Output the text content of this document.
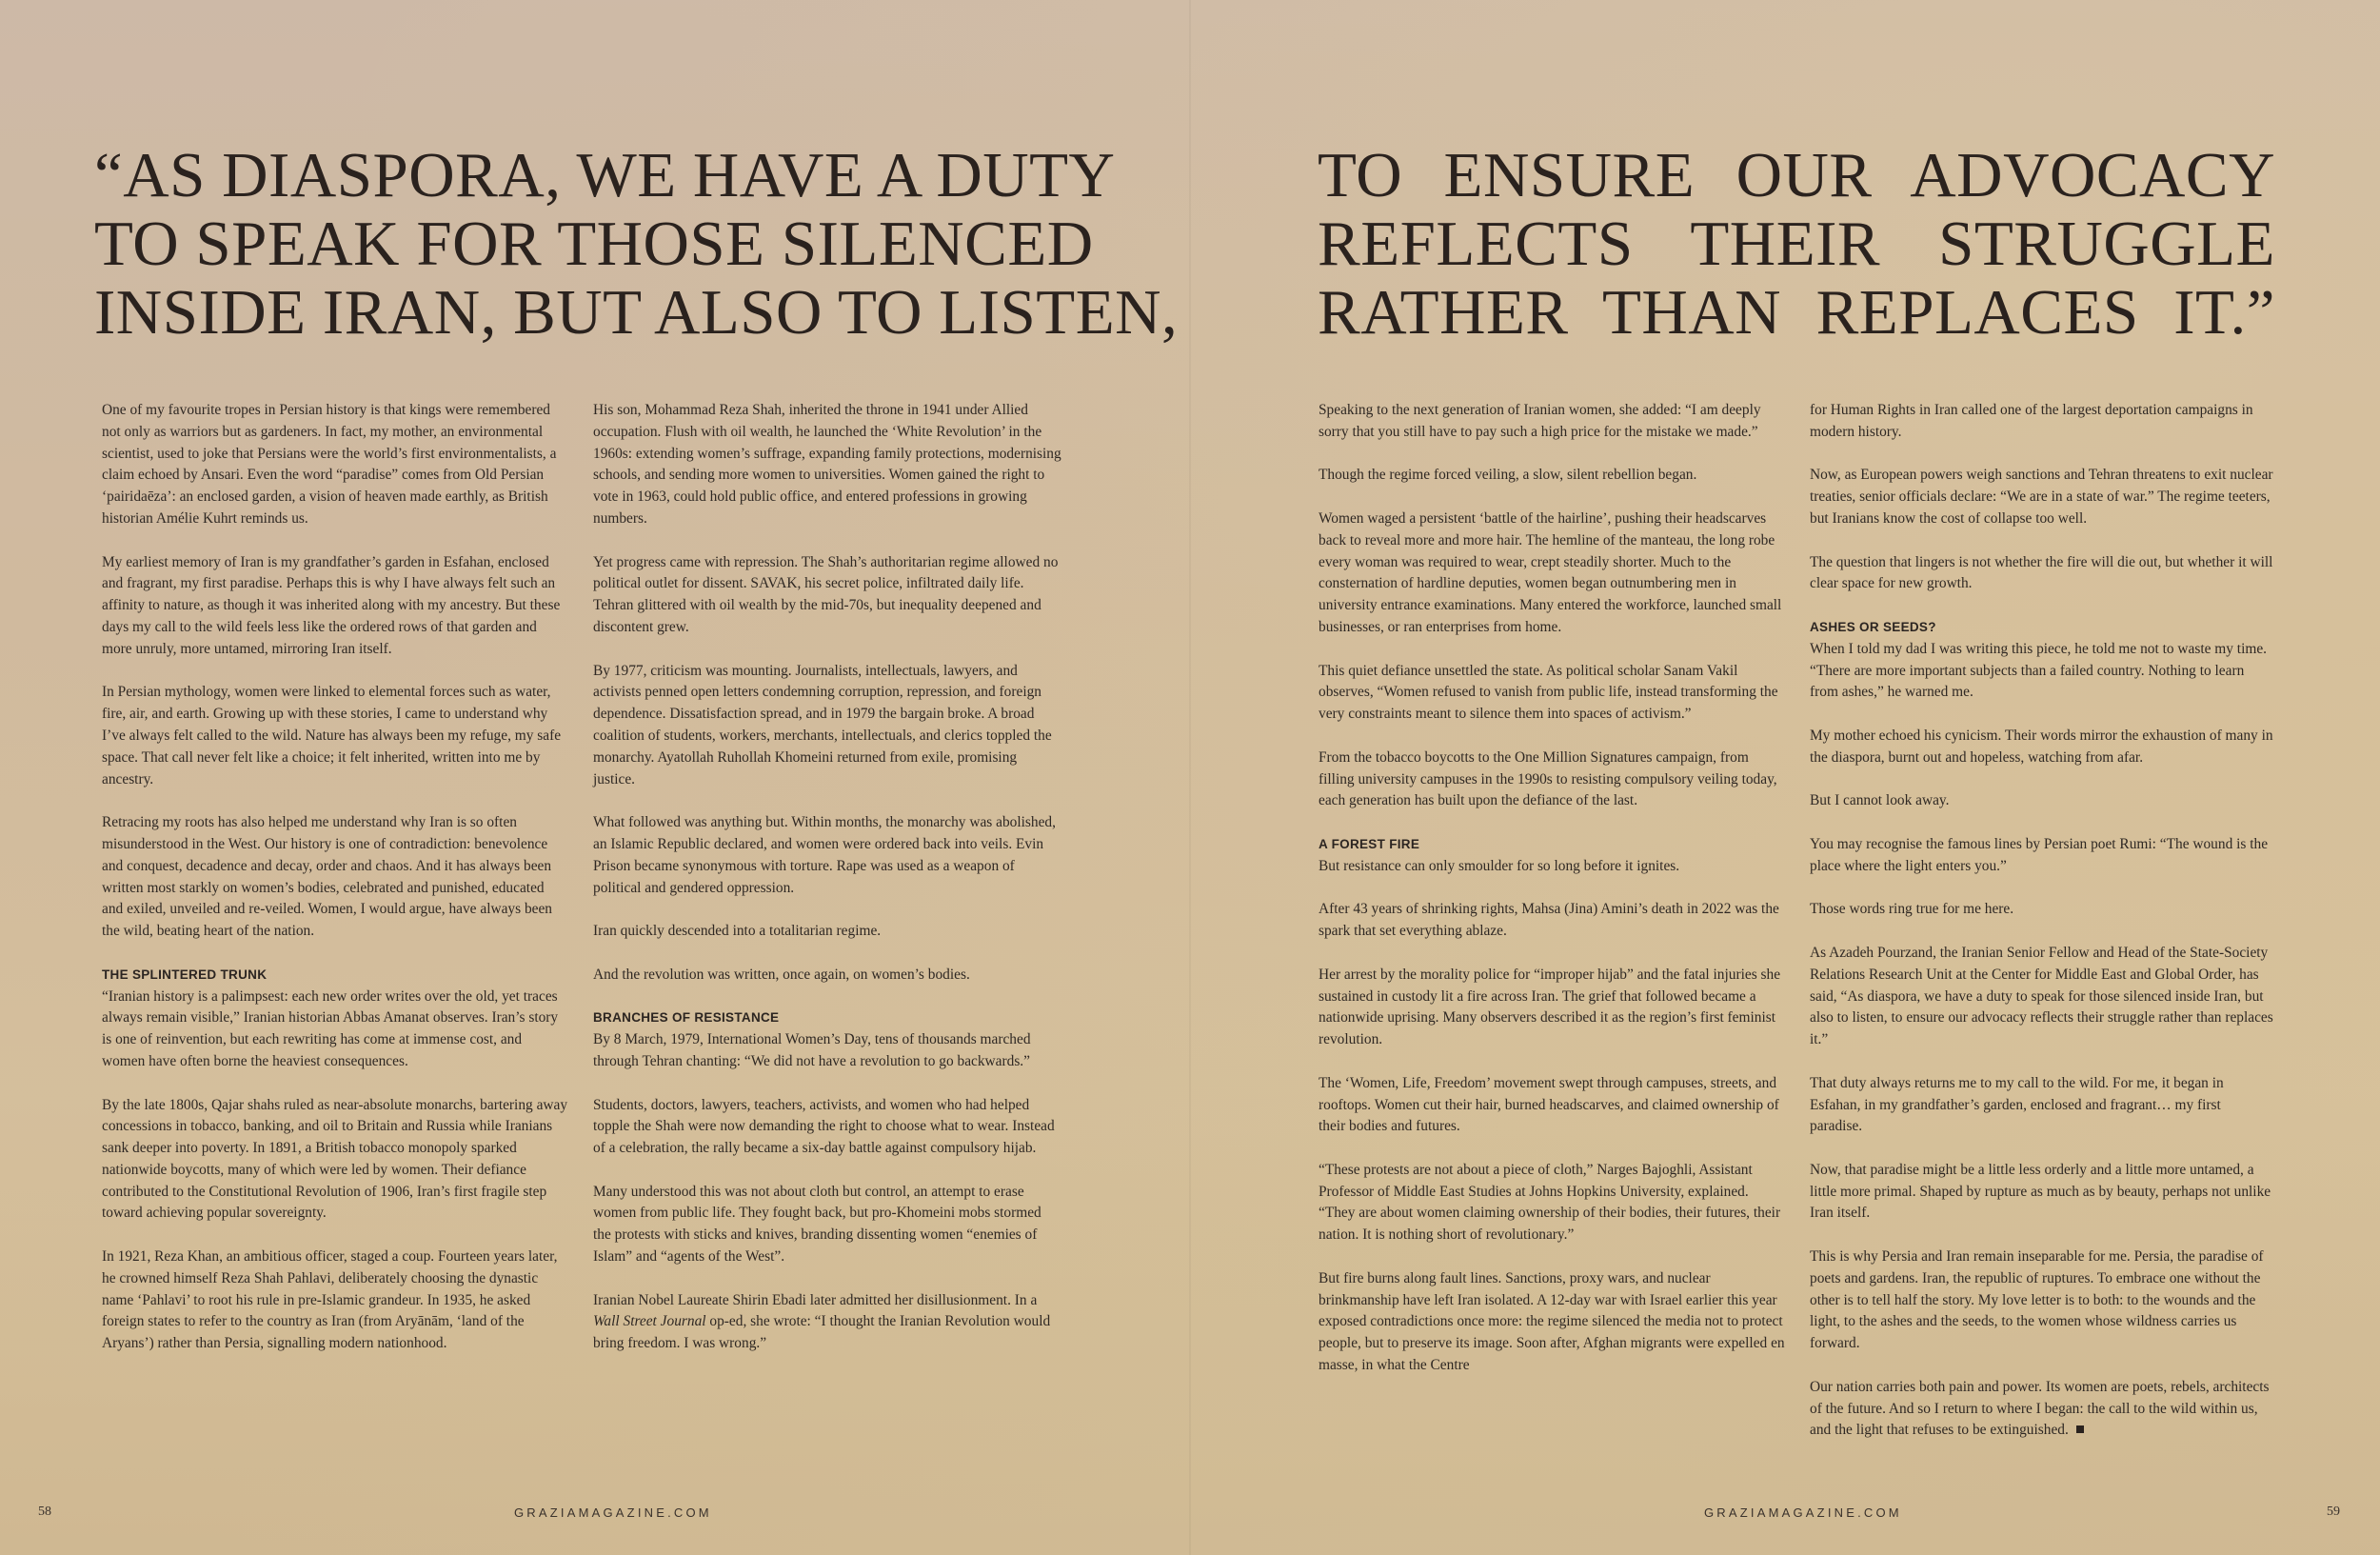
“AS DIASPORA, WE HAVE A DUTY
TO SPEAK FOR THOSE SILENCED
INSIDE IRAN, BUT ALSO TO LISTEN,
TO ENSURE OUR ADVOCACY
REFLECTS THEIR STRUGGLE
RATHER THAN REPLACES IT.”

One of my favourite tropes in Persian history is that kings were remembered not only as warriors but as gardeners. In fact, my mother, an environmental scientist, used to joke that Persians were the world’s first environmentalists, a claim echoed by Ansari. Even the word “paradise” comes from Old Persian ‘pairidaēza’: an enclosed garden, a vision of heaven made earthly, as British historian Amélie Kuhrt reminds us.

My earliest memory of Iran is my grandfather’s garden in Esfahan, enclosed and fragrant, my first paradise. Perhaps this is why I have always felt such an affinity to nature, as though it was inherited along with my ancestry. But these days my call to the wild feels less like the ordered rows of that garden and more unruly, more untamed, mirroring Iran itself.

In Persian mythology, women were linked to elemental forces such as water, fire, air, and earth. Growing up with these stories, I came to understand why I’ve always felt called to the wild. Nature has always been my refuge, my safe space. That call never felt like a choice; it felt inherited, written into me by ancestry.

Retracing my roots has also helped me understand why Iran is so often misunderstood in the West. Our history is one of contradiction: benevolence and conquest, decadence and decay, order and chaos. And it has always been written most starkly on women’s bodies, celebrated and punished, educated and exiled, unveiled and re-veiled. Women, I would argue, have always been the wild, beating heart of the nation.

THE SPLINTERED TRUNK

“Iranian history is a palimpsest: each new order writes over the old, yet traces always remain visible,” Iranian historian Abbas Amanat observes. Iran’s story is one of reinvention, but each rewriting has come at immense cost, and women have often borne the heaviest consequences.

By the late 1800s, Qajar shahs ruled as near-absolute monarchs, bartering away concessions in tobacco, banking, and oil to Britain and Russia while Iranians sank deeper into poverty. In 1891, a British tobacco monopoly sparked nationwide boycotts, many of which were led by women. Their defiance contributed to the Constitutional Revolution of 1906, Iran’s first fragile step toward achieving popular sovereignty.

In 1921, Reza Khan, an ambitious officer, staged a coup. Fourteen years later, he crowned himself Reza Shah Pahlavi, deliberately choosing the dynastic name ‘Pahlavi’ to root his rule in pre-Islamic grandeur. In 1935, he asked foreign states to refer to the country as Iran (from Aryānām, ‘land of the Aryans’) rather than Persia, signalling modern nationhood.

His son, Mohammad Reza Shah, inherited the throne in 1941 under Allied occupation. Flush with oil wealth, he launched the ‘White Revolution’ in the 1960s: extending women’s suffrage, expanding family protections, modernising schools, and sending more women to universities. Women gained the right to vote in 1963, could hold public office, and entered professions in growing numbers.

Yet progress came with repression. The Shah’s authoritarian regime allowed no political outlet for dissent. SAVAK, his secret police, infiltrated daily life. Tehran glittered with oil wealth by the mid-70s, but inequality deepened and discontent grew.

By 1977, criticism was mounting. Journalists, intellectuals, lawyers, and activists penned open letters condemning corruption, repression, and foreign dependence. Dissatisfaction spread, and in 1979 the bargain broke. A broad coalition of students, workers, merchants, intellectuals, and clerics toppled the monarchy. Ayatollah Ruhollah Khomeini returned from exile, promising justice.

What followed was anything but. Within months, the monarchy was abolished, an Islamic Republic declared, and women were ordered back into veils. Evin Prison became synonymous with torture. Rape was used as a weapon of political and gendered oppression.

Iran quickly descended into a totalitarian regime.

And the revolution was written, once again, on women’s bodies.

BRANCHES OF RESISTANCE

By 8 March, 1979, International Women’s Day, tens of thousands marched through Tehran chanting: “We did not have a revolution to go backwards.”

Students, doctors, lawyers, teachers, activists, and women who had helped topple the Shah were now demanding the right to choose what to wear. Instead of a celebration, the rally became a six-day battle against compulsory hijab.

Many understood this was not about cloth but control, an attempt to erase women from public life. They fought back, but pro-Khomeini mobs stormed the protests with sticks and knives, branding dissenting women “enemies of Islam” and “agents of the West”.

Iranian Nobel Laureate Shirin Ebadi later admitted her disillusionment. In a Wall Street Journal op-ed, she wrote: “I thought the Iranian Revolution would bring freedom. I was wrong.”

Speaking to the next generation of Iranian women, she added: “I am deeply sorry that you still have to pay such a high price for the mistake we made.”

Though the regime forced veiling, a slow, silent rebellion began.

Women waged a persistent ‘battle of the hairline’, pushing their headscarves back to reveal more and more hair. The hemline of the manteau, the long robe every woman was required to wear, crept steadily shorter. Much to the consternation of hardline deputies, women began outnumbering men in university entrance examinations. Many entered the workforce, launched small businesses, or ran enterprises from home.

This quiet defiance unsettled the state. As political scholar Sanam Vakil observes, “Women refused to vanish from public life, instead transforming the very constraints meant to silence them into spaces of activism.”

From the tobacco boycotts to the One Million Signatures campaign, from filling university campuses in the 1990s to resisting compulsory veiling today, each generation has built upon the defiance of the last.

A FOREST FIRE

But resistance can only smoulder for so long before it ignites.

After 43 years of shrinking rights, Mahsa (Jina) Amini’s death in 2022 was the spark that set everything ablaze.

Her arrest by the morality police for “improper hijab” and the fatal injuries she sustained in custody lit a fire across Iran. The grief that followed became a nationwide uprising. Many observers described it as the region’s first feminist revolution.

The ‘Women, Life, Freedom’ movement swept through campuses, streets, and rooftops. Women cut their hair, burned headscarves, and claimed ownership of their bodies and futures.

“These protests are not about a piece of cloth,” Narges Bajoghli, Assistant Professor of Middle East Studies at Johns Hopkins University, explained. “They are about women claiming ownership of their bodies, their futures, their nation. It is nothing short of revolutionary.”

But fire burns along fault lines. Sanctions, proxy wars, and nuclear brinkmanship have left Iran isolated. A 12-day war with Israel earlier this year exposed contradictions once more: the regime silenced the media not to protect people, but to preserve its image. Soon after, Afghan migrants were expelled en masse, in what the Centre

for Human Rights in Iran called one of the largest deportation campaigns in modern history.

Now, as European powers weigh sanctions and Tehran threatens to exit nuclear treaties, senior officials declare: “We are in a state of war.” The regime teeters, but Iranians know the cost of collapse too well.

The question that lingers is not whether the fire will die out, but whether it will clear space for new growth.

ASHES OR SEEDS?

When I told my dad I was writing this piece, he told me not to waste my time. “There are more important subjects than a failed country. Nothing to learn from ashes,” he warned me.

My mother echoed his cynicism. Their words mirror the exhaustion of many in the diaspora, burnt out and hopeless, watching from afar.

But I cannot look away.

You may recognise the famous lines by Persian poet Rumi: “The wound is the place where the light enters you.”

Those words ring true for me here.

As Azadeh Pourzand, the Iranian Senior Fellow and Head of the State-Society Relations Research Unit at the Center for Middle East and Global Order, has said, “As diaspora, we have a duty to speak for those silenced inside Iran, but also to listen, to ensure our advocacy reflects their struggle rather than replaces it.”

That duty always returns me to my call to the wild. For me, it began in Esfahan, in my grandfather’s garden, enclosed and fragrant… my first paradise.

Now, that paradise might be a little less orderly and a little more untamed, a little more primal. Shaped by rupture as much as by beauty, perhaps not unlike Iran itself.

This is why Persia and Iran remain inseparable for me. Persia, the paradise of poets and gardens. Iran, the republic of ruptures. To embrace one without the other is to tell half the story. My love letter is to both: to the wounds and the light, to the ashes and the seeds, to the women whose wildness carries us forward.

Our nation carries both pain and power. Its women are poets, rebels, architects of the future. And so I return to where I began: the call to the wild within us, and the light that refuses to be extinguished.

58	GRAZIAMAGAZINE.COM	GRAZIAMAGAZINE.COM	59
